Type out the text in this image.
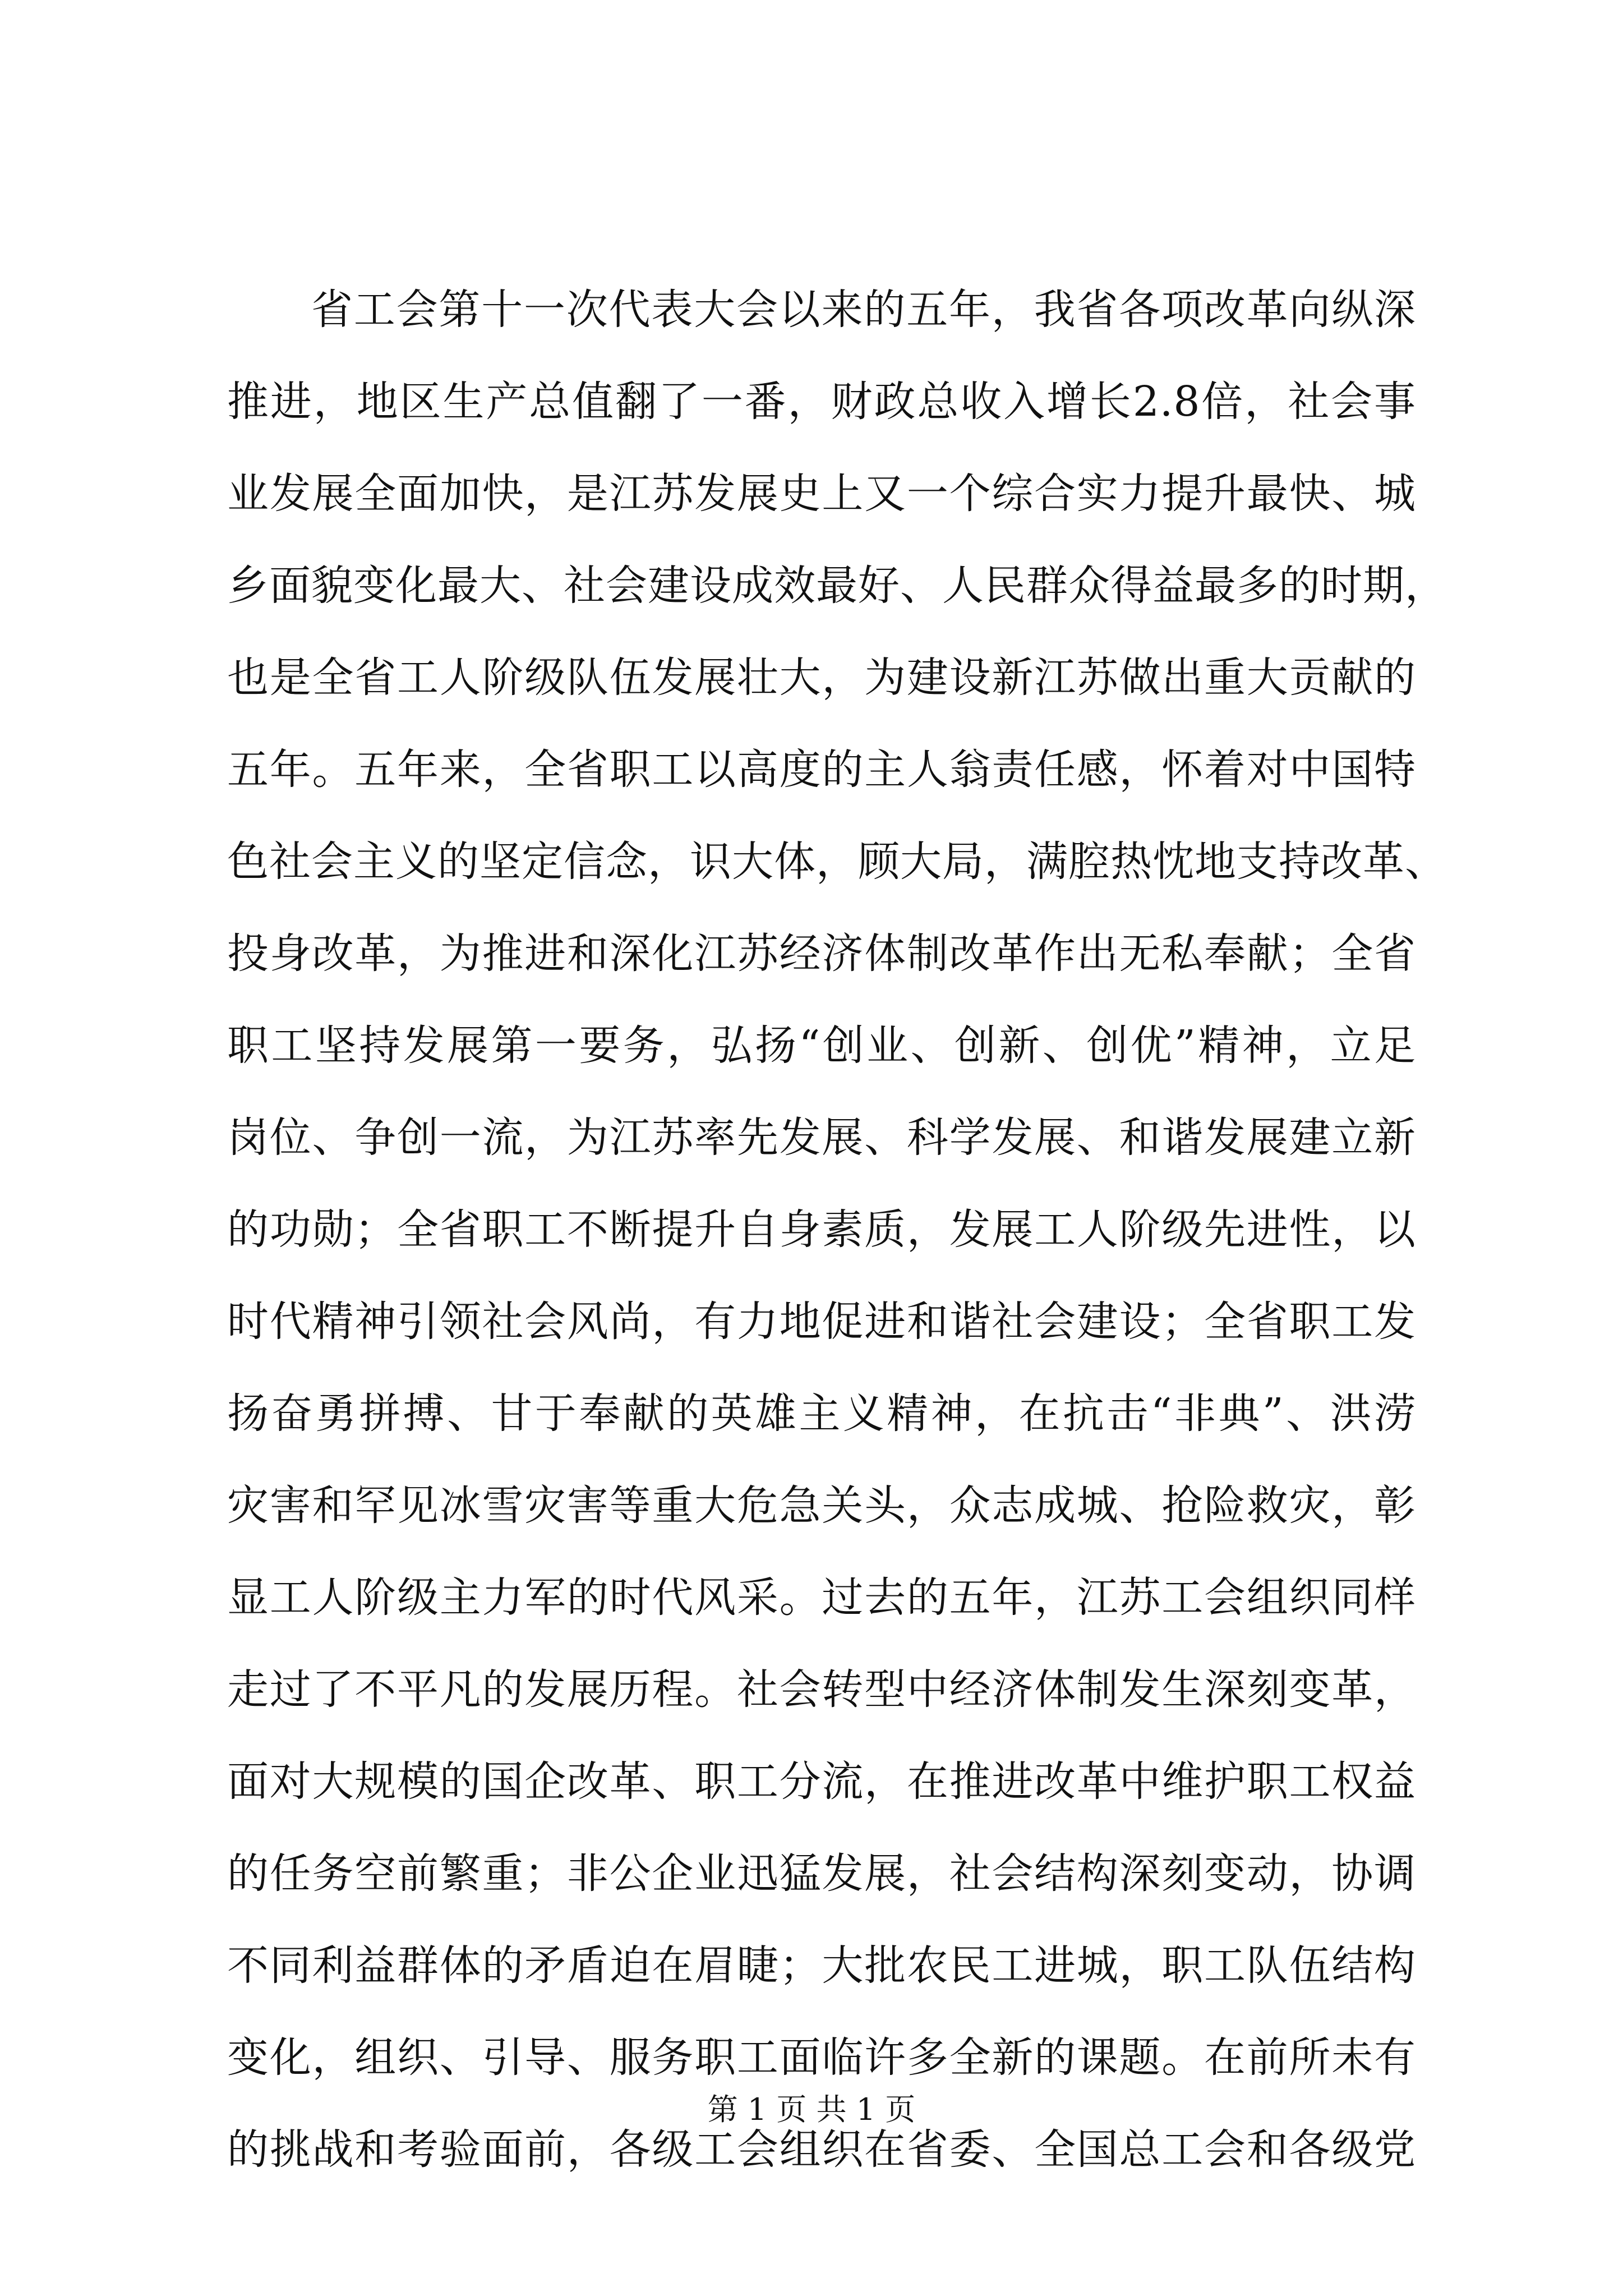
省工会第十一次代表大会以来的五年，我省各项改革向纵深
推进，地区生产总值翻了一番，财政总收入增长2.8倍，社会事
业发展全面加快，是江苏发展史上又一个综合实力提升最快、城
乡面貌变化最大、社会建设成效最好、人民群众得益最多的时期，
也是全省工人阶级队伍发展壮大，为建设新江苏做出重大贡献的
五年。五年来，全省职工以高度的主人翁责任感，怀着对中国特
色社会主义的坚定信念，识大体，顾大局，满腔热忱地支持改革、
投身改革，为推进和深化江苏经济体制改革作出无私奉献；全省
职工坚持发展第一要务，弘扬“创业、创新、创优”精神，立足
岗位、争创一流，为江苏率先发展、科学发展、和谐发展建立新
的功勋；全省职工不断提升自身素质，发展工人阶级先进性，以
时代精神引领社会风尚，有力地促进和谐社会建设；全省职工发
扬奋勇拼搏、甘于奉献的英雄主义精神，在抗击“非典”、洪涝
灾害和罕见冰雪灾害等重大危急关头，众志成城、抢险救灾，彰
显工人阶级主力军的时代风采。过去的五年，江苏工会组织同样
走过了不平凡的发展历程。社会转型中经济体制发生深刻变革，
面对大规模的国企改革、职工分流，在推进改革中维护职工权益
的任务空前繁重；非公企业迅猛发展，社会结构深刻变动，协调
不同利益群体的矛盾迫在眉睫；大批农民工进城，职工队伍结构
变化，组织、引导、服务职工面临许多全新的课题。在前所未有
的挑战和考验面前，各级工会组织在省委、全国总工会和各级党
第 1 页 共 1 页
